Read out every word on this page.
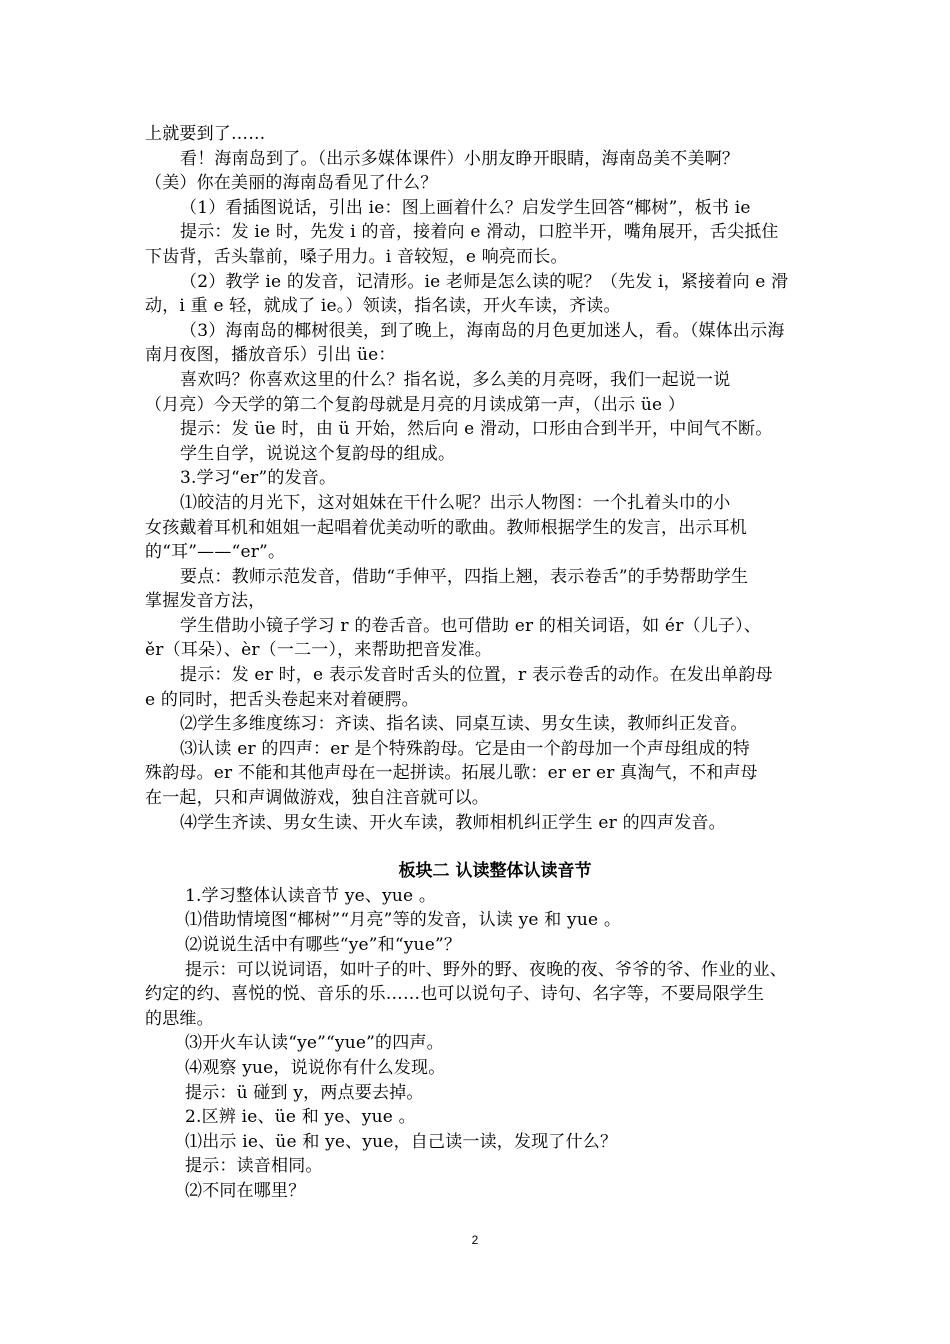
上就要到了……
看！海南岛到了。（出示多媒体课件）小朋友睁开眼睛，海南岛美不美啊？
（美）你在美丽的海南岛看见了什么？
（1）看插图说话，引出 ie：图上画着什么？启发学生回答“椰树”，板书 ie
提示：发 ie 时，先发 i 的音，接着向 e 滑动，口腔半开，嘴角展开，舌尖抵住
下齿背，舌头靠前，嗓子用力。i 音较短，e 响亮而长。
（2）教学 ie 的发音，记清形。ie 老师是怎么读的呢？（先发 i，紧接着向 e 滑
动，i 重 e 轻，就成了 ie。）领读，指名读，开火车读，齐读。
（3）海南岛的椰树很美，到了晚上，海南岛的月色更加迷人，看。（媒体出示海
南月夜图，播放音乐）引出 üe：
喜欢吗？你喜欢这里的什么？指名说，多么美的月亮呀，我们一起说一说
（月亮）今天学的第二个复韵母就是月亮的月读成第一声，（出示 üe ）
提示：发 üe 时，由 ü 开始，然后向 e 滑动，口形由合到半开，中间气不断。
学生自学，说说这个复韵母的组成。
3.学习“er”的发音。
⑴皎洁的月光下，这对姐妹在干什么呢？出示人物图：一个扎着头巾的小
女孩戴着耳机和姐姐一起唱着优美动听的歌曲。教师根据学生的发言，出示耳机
的“耳”——“er”。
要点：教师示范发音，借助“手伸平，四指上翘，表示卷舌”的手势帮助学生
掌握发音方法，
学生借助小镜子学习 r 的卷舌音。也可借助 er 的相关词语，如 ér（儿子）、
ěr（耳朵）、èr（一二一），来帮助把音发准。
提示：发 er 时，e 表示发音时舌头的位置，r 表示卷舌的动作。在发出单韵母
e 的同时，把舌头卷起来对着硬腭。
⑵学生多维度练习：齐读、指名读、同桌互读、男女生读，教师纠正发音。
⑶认读 er 的四声：er 是个特殊韵母。它是由一个韵母加一个声母组成的特
殊韵母。er 不能和其他声母在一起拼读。拓展儿歌：er er er 真淘气，不和声母
在一起，只和声调做游戏，独自注音就可以。
⑷学生齐读、男女生读、开火车读，教师相机纠正学生 er 的四声发音。
板块二 认读整体认读音节
1.学习整体认读音节 ye、yue 。
⑴借助情境图“椰树”“月亮”等的发音，认读 ye 和 yue 。
⑵说说生活中有哪些“ye”和“yue”？
提示：可以说词语，如叶子的叶、野外的野、夜晚的夜、爷爷的爷、作业的业、
约定的约、喜悦的悦、音乐的乐……也可以说句子、诗句、名字等，不要局限学生
的思维。
⑶开火车认读“ye”“yue”的四声。
⑷观察 yue，说说你有什么发现。
提示：ü 碰到 y，两点要去掉。
2.区辨 ie、üe 和 ye、yue 。
⑴出示 ie、üe 和 ye、yue，自己读一读，发现了什么？
提示：读音相同。
⑵不同在哪里？
2
